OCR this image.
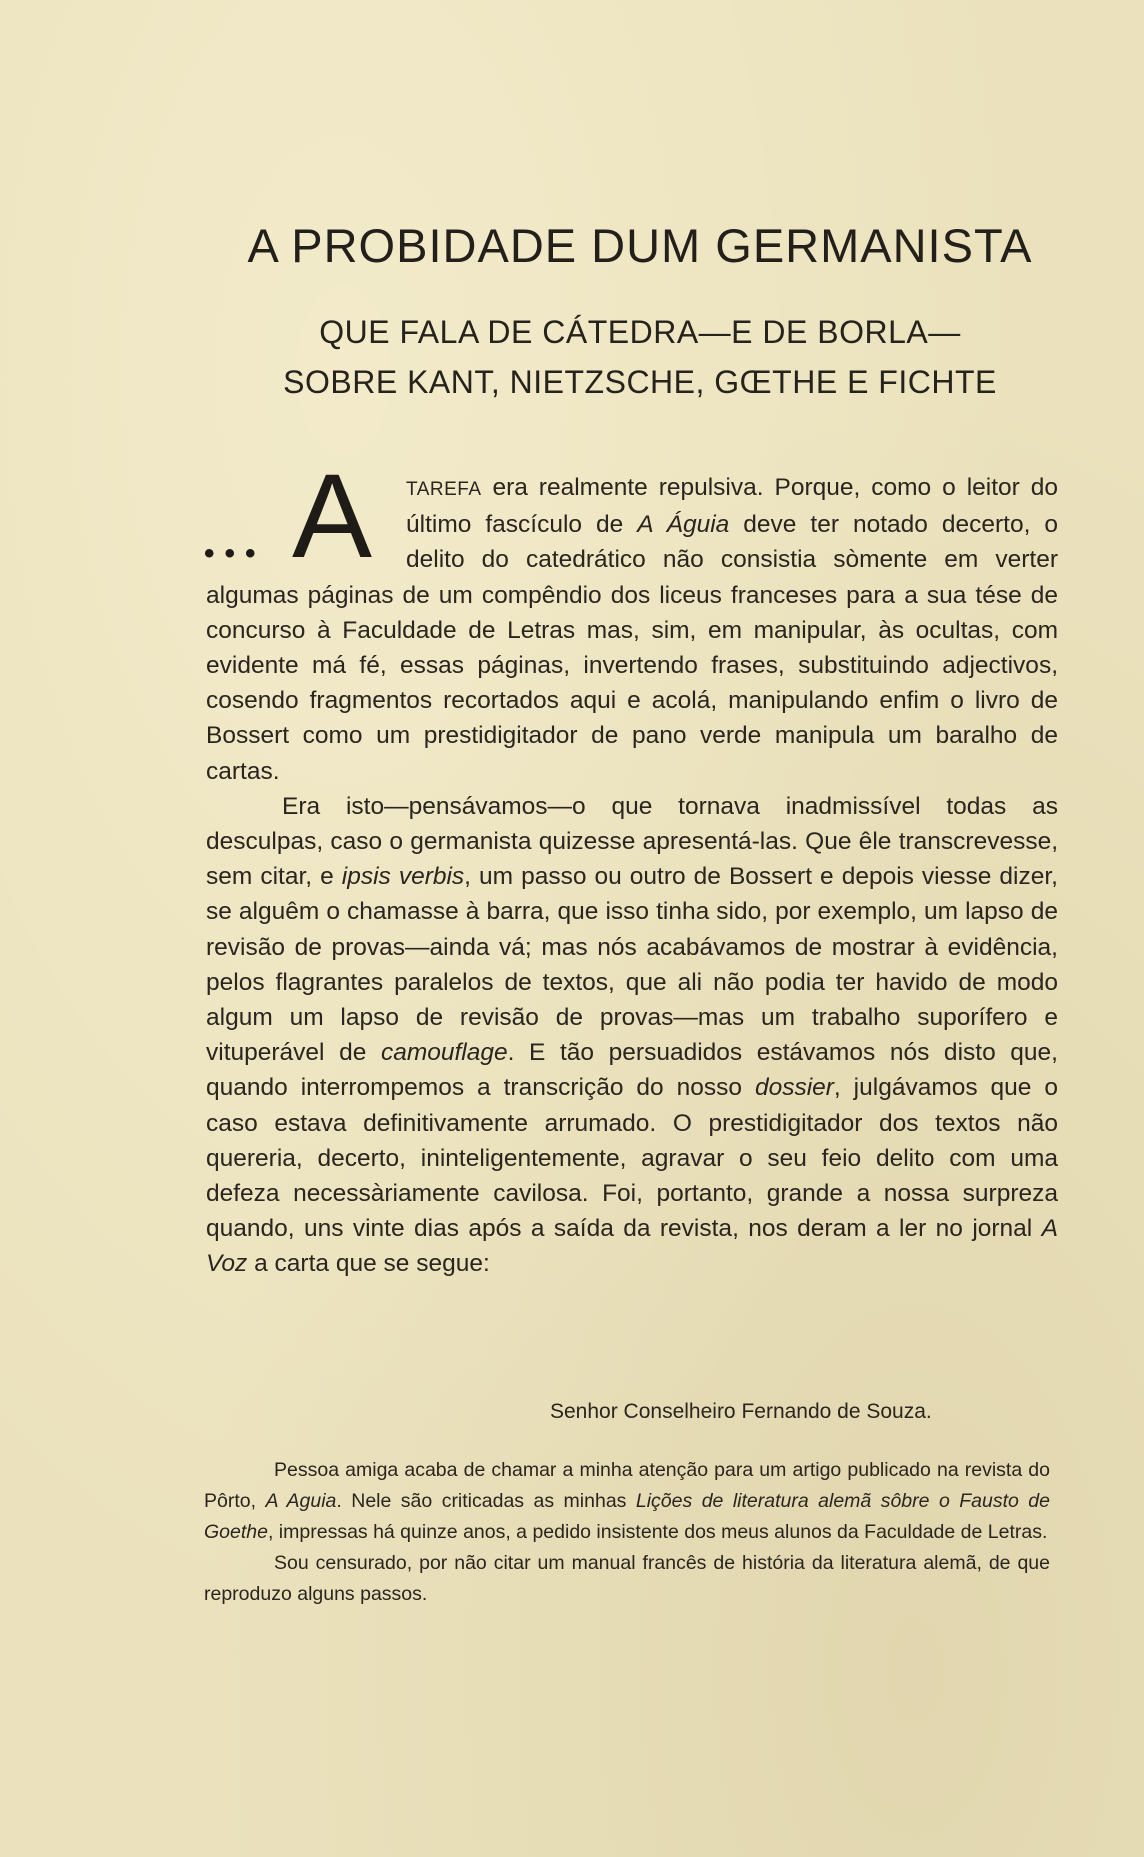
A PROBIDADE DUM GERMANISTA

QUE FALA DE CÁTEDRA—E DE BORLA—

SOBRE KANT, NIETZSCHE, GŒTHE E FICHTE

••• A TAREFA era realmente repulsiva. Porque, como o leitor do último fascículo de A Águia deve ter notado decerto, o delito do catedrático não consistia sòmente em verter algumas páginas de um compêndio dos liceus franceses para a sua tése de concurso à Faculdade de Letras mas, sim, em manipular, às ocultas, com evidente má fé, essas páginas, invertendo frases, substituindo adjectivos, cosendo fragmentos recortados aqui e acolá, manipulando enfim o livro de Bossert como um prestidigitador de pano verde manipula um baralho de cartas.

Era isto—pensávamos—o que tornava inadmissível todas as desculpas, caso o germanista quizesse apresentá-las. Que êle transcrevesse, sem citar, e ipsis verbis, um passo ou outro de Bossert e depois viesse dizer, se alguêm o chamasse à barra, que isso tinha sido, por exemplo, um lapso de revisão de provas—ainda vá; mas nós acabávamos de mostrar à evidência, pelos flagrantes paralelos de textos, que ali não podia ter havido de modo algum um lapso de revisão de provas—mas um trabalho suporífero e vituperável de camouflage. E tão persuadidos estávamos nós disto que, quando interrompemos a transcrição do nosso dossier, julgávamos que o caso estava definitivamente arrumado. O prestidigitador dos textos não quereria, decerto, ininteligentemente, agravar o seu feio delito com uma defeza necessàriamente cavilosa. Foi, portanto, grande a nossa surpreza quando, uns vinte dias após a saída da revista, nos deram a ler no jornal A Voz a carta que se segue:

Senhor Conselheiro Fernando de Souza.

Pessoa amiga acaba de chamar a minha atenção para um artigo publicado na revista do Pôrto, A Aguia. Nele são criticadas as minhas Lições de literatura alemã sôbre o Fausto de Goethe, impressas há quinze anos, a pedido insistente dos meus alunos da Faculdade de Letras.

Sou censurado, por não citar um manual francês de história da literatura alemã, de que reproduzo alguns passos.
